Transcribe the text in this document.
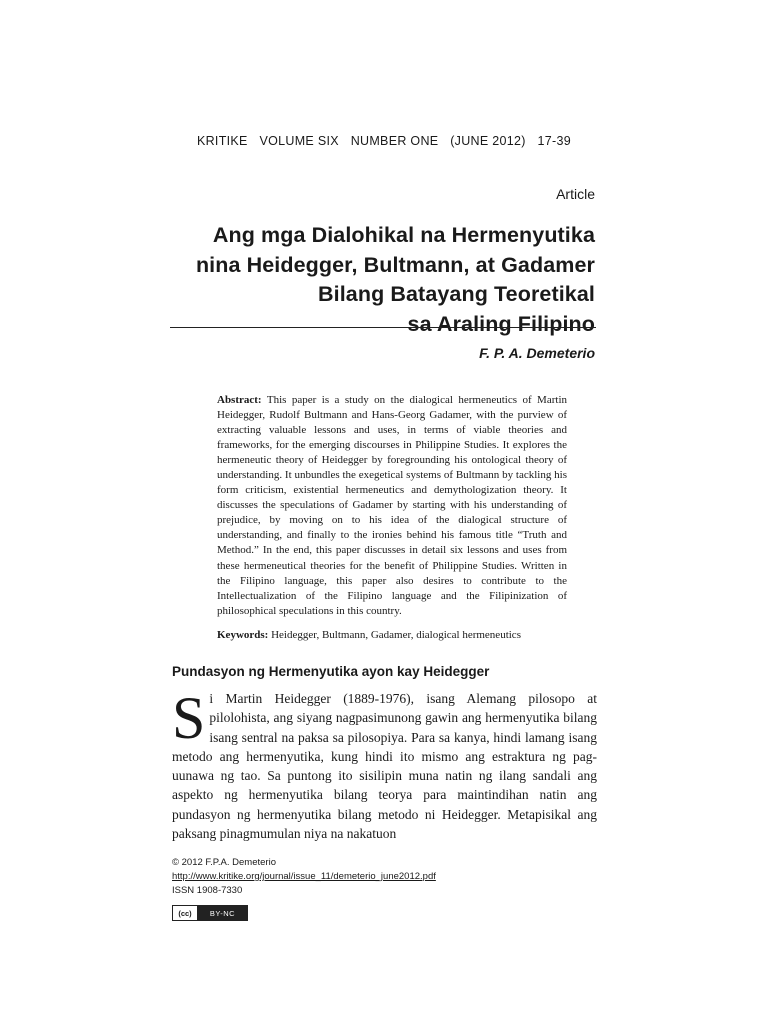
KRITIKE VOLUME SIX NUMBER ONE (JUNE 2012) 17-39
Article
Ang mga Dialohikal na Hermenyutika
nina Heidegger, Bultmann, at Gadamer
Bilang Batayang Teoretikal
sa Araling Filipino
F. P. A. Demeterio
Abstract: This paper is a study on the dialogical hermeneutics of Martin Heidegger, Rudolf Bultmann and Hans-Georg Gadamer, with the purview of extracting valuable lessons and uses, in terms of viable theories and frameworks, for the emerging discourses in Philippine Studies. It explores the hermeneutic theory of Heidegger by foregrounding his ontological theory of understanding. It unbundles the exegetical systems of Bultmann by tackling his form criticism, existential hermeneutics and demythologization theory. It discusses the speculations of Gadamer by starting with his understanding of prejudice, by moving on to his idea of the dialogical structure of understanding, and finally to the ironies behind his famous title “Truth and Method.” In the end, this paper discusses in detail six lessons and uses from these hermeneutical theories for the benefit of Philippine Studies. Written in the Filipino language, this paper also desires to contribute to the Intellectualization of the Filipino language and the Filipinization of philosophical speculations in this country.
Keywords: Heidegger, Bultmann, Gadamer, dialogical hermeneutics
Pundasyon ng Hermenyutika ayon kay Heidegger
S i Martin Heidegger (1889-1976), isang Alemang pilosopo at pilolohista, ang siyang nagpasimunong gawin ang hermenyutika bilang isang sentral na paksa sa pilosopiya. Para sa kanya, hindi lamang isang metodo ang hermenyutika, kung hindi ito mismo ang estraktura ng pag-uunawa ng tao. Sa puntong ito sisilipin muna natin ng ilang sandali ang aspekto ng hermenyutika bilang teorya para maintindihan natin ang pundasyon ng hermenyutika bilang metodo ni Heidegger. Metapisikal ang paksang pinagmumulan niya na nakatuon
© 2012 F.P.A. Demeterio
http://www.kritike.org/journal/issue_11/demeterio_june2012.pdf
ISSN 1908-7330
(cc)	BY-NC
